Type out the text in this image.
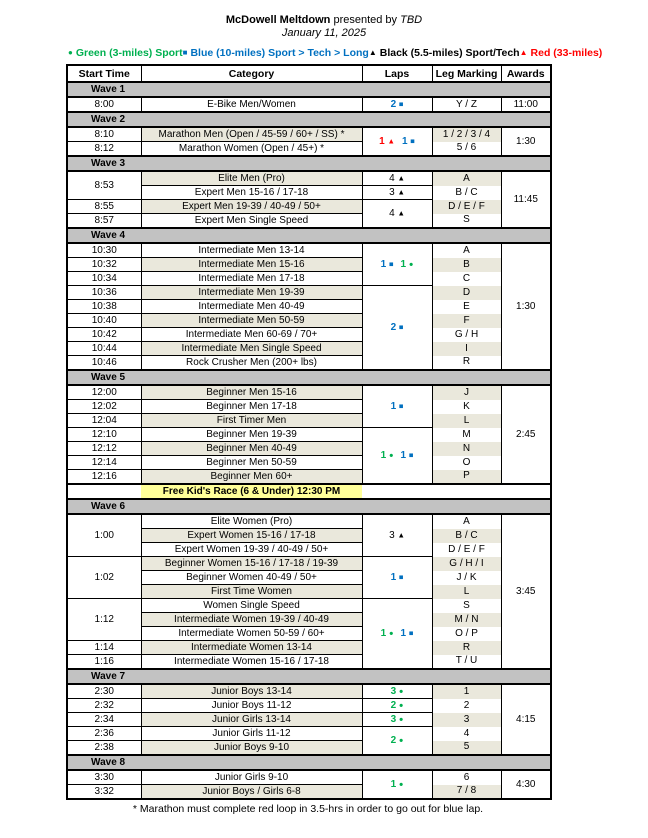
McDowell Meltdown presented by TBD
January 11, 2025
● Green (3-miles) Sport ■ Blue (10-miles) Sport > Tech > Long ▲ Black (5.5-miles) Sport/Tech ▲ Red (33-miles)
Start Time	Category	Laps	Leg Marking	Awards
Wave 1				
8:00	E-Bike Men/Women	2 ■	Y / Z	11:00
Wave 2				
8:10	Marathon Men (Open / 45-59 / 60+ / SS) *	1 ▲ 1 ■	1 / 2 / 3 / 4	1:30
8:12	Marathon Women (Open / 45+) *		5 / 6	
Wave 3				
8:53	Elite Men (Pro)	4 ▲	A	11:45
	Expert Men 15-16 / 17-18	3 ▲	B / C	
8:55	Expert Men 19-39 / 40-49 / 50+	4 ▲	D / E / F	
8:57	Expert Men Single Speed		S	
Wave 4				
10:30	Intermediate Men 13-14	1 ■ 1 ●	A	1:30
10:32	Intermediate Men 15-16		B	
10:34	Intermediate Men 17-18		C	
10:36	Intermediate Men 19-39	2 ■	D	
10:38	Intermediate Men 40-49		E	
10:40	Intermediate Men 50-59		F	
10:42	Intermediate Men 60-69 / 70+		G / H	
10:44	Intermediate Men Single Speed		I	
10:46	Rock Crusher Men (200+ lbs)		R	
Wave 5				
12:00	Beginner Men 15-16	1 ■	J	2:45
12:02	Beginner Men 17-18		K	
12:04	First Timer Men		L	
12:10	Beginner Men 19-39	1 ● 1 ■	M	
12:12	Beginner Men 40-49		N	
12:14	Beginner Men 50-59		O	
12:16	Beginner Men 60+		P	

Free Kid's Race (6 & Under) 12:30 PM				

Wave 6				
1:00	Elite Women (Pro)	3 ▲	A	3:45
	Expert Women 15-16 / 17-18		B / C	
	Expert Women 19-39 / 40-49 / 50+		D / E / F	
1:02	Beginner Women 15-16 / 17-18 / 19-39	1 ■	G / H / I	
	Beginner Women 40-49 / 50+		J / K	
	First Time Women		L	
1:12	Women Single Speed	1 ● 1 ■	S	
	Intermediate Women 19-39 / 40-49		M / N	
	Intermediate Women 50-59 / 60+		O / P	
1:14	Intermediate Women 13-14		R	
1:16	Intermediate Women 15-16 / 17-18		T / U	
Wave 7				
2:30	Junior Boys 13-14	3 ●	1	4:15
2:32	Junior Boys 11-12	2 ●	2	
2:34	Junior Girls 13-14	3 ●	3	
2:36	Junior Girls 11-12	2 ●	4	
2:38	Junior Boys 9-10		5	
Wave 8				
3:30	Junior Girls 9-10	1 ●	6	4:30
3:32	Junior Boys / Girls 6-8		7 / 8	
* Marathon must complete red loop in 3.5-hrs in order to go out for blue lap.
